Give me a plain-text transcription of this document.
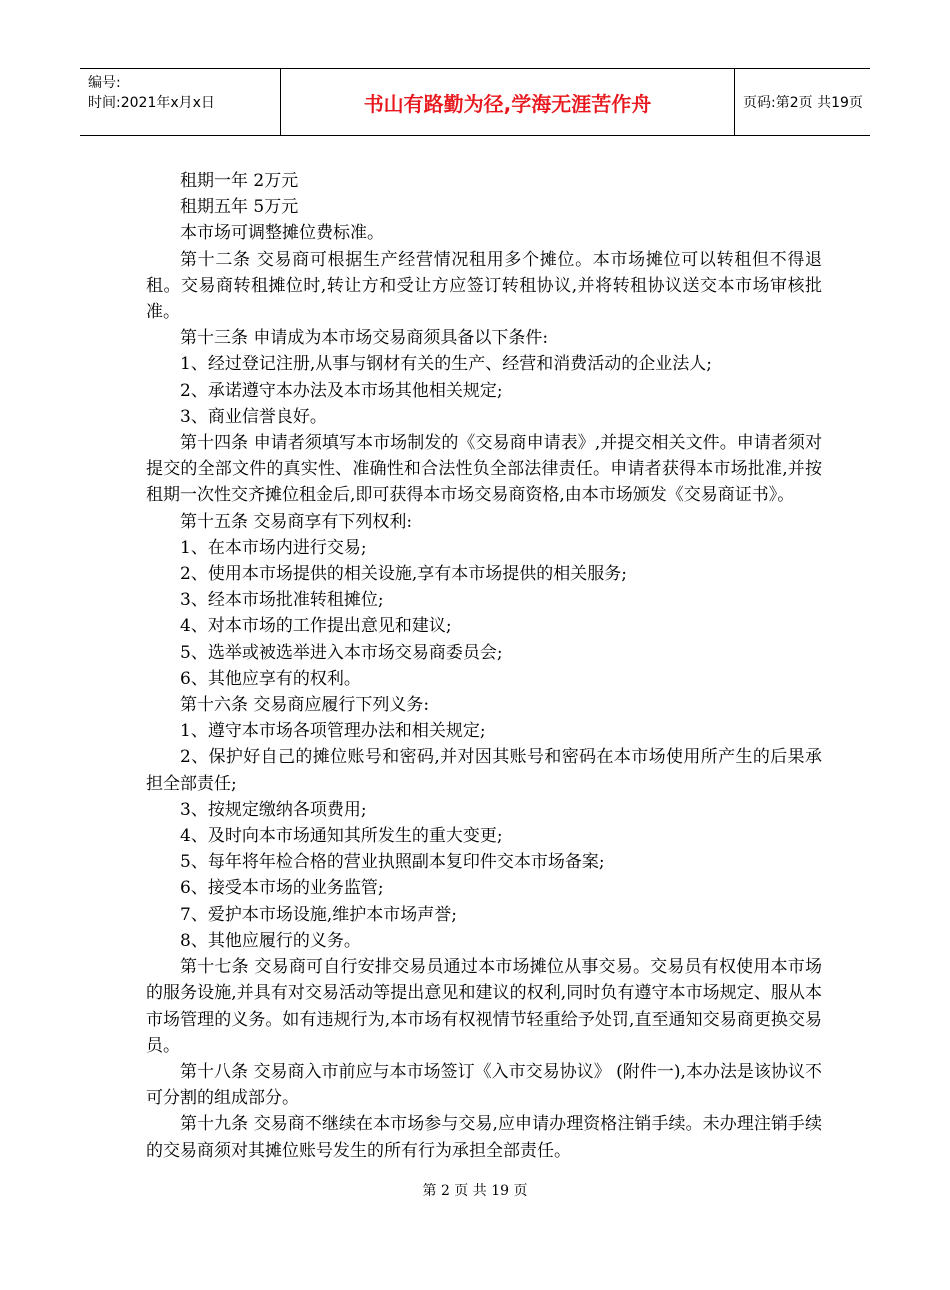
编号:
时间:2021年x月x日	书山有路勤为径,学海无涯苦作舟	页码:第2页 共19页

租期一年 2万元

租期五年 5万元

本市场可调整摊位费标准。

第十二条 交易商可根据生产经营情况租用多个摊位。本市场摊位可以转租但不得退租。交易商转租摊位时,转让方和受让方应签订转租协议,并将转租协议送交本市场审核批准。

第十三条 申请成为本市场交易商须具备以下条件:

1、经过登记注册,从事与钢材有关的生产、经营和消费活动的企业法人;

2、承诺遵守本办法及本市场其他相关规定;

3、商业信誉良好。

第十四条 申请者须填写本市场制发的《交易商申请表》,并提交相关文件。申请者须对提交的全部文件的真实性、准确性和合法性负全部法律责任。申请者获得本市场批准,并按租期一次性交齐摊位租金后,即可获得本市场交易商资格,由本市场颁发《交易商证书》。

第十五条 交易商享有下列权利:

1、在本市场内进行交易;

2、使用本市场提供的相关设施,享有本市场提供的相关服务;

3、经本市场批准转租摊位;

4、对本市场的工作提出意见和建议;

5、选举或被选举进入本市场交易商委员会;

6、其他应享有的权利。

第十六条 交易商应履行下列义务:

1、遵守本市场各项管理办法和相关规定;

2、保护好自己的摊位账号和密码,并对因其账号和密码在本市场使用所产生的后果承担全部责任;

3、按规定缴纳各项费用;

4、及时向本市场通知其所发生的重大变更;

5、每年将年检合格的营业执照副本复印件交本市场备案;

6、接受本市场的业务监管;

7、爱护本市场设施,维护本市场声誉;

8、其他应履行的义务。

第十七条 交易商可自行安排交易员通过本市场摊位从事交易。交易员有权使用本市场的服务设施,并具有对交易活动等提出意见和建议的权利,同时负有遵守本市场规定、服从本市场管理的义务。如有违规行为,本市场有权视情节轻重给予处罚,直至通知交易商更换交易员。

第十八条 交易商入市前应与本市场签订《入市交易协议》 (附件一),本办法是该协议不可分割的组成部分。

第十九条 交易商不继续在本市场参与交易,应申请办理资格注销手续。未办理注销手续的交易商须对其摊位账号发生的所有行为承担全部责任。

第 2 页 共 19 页
